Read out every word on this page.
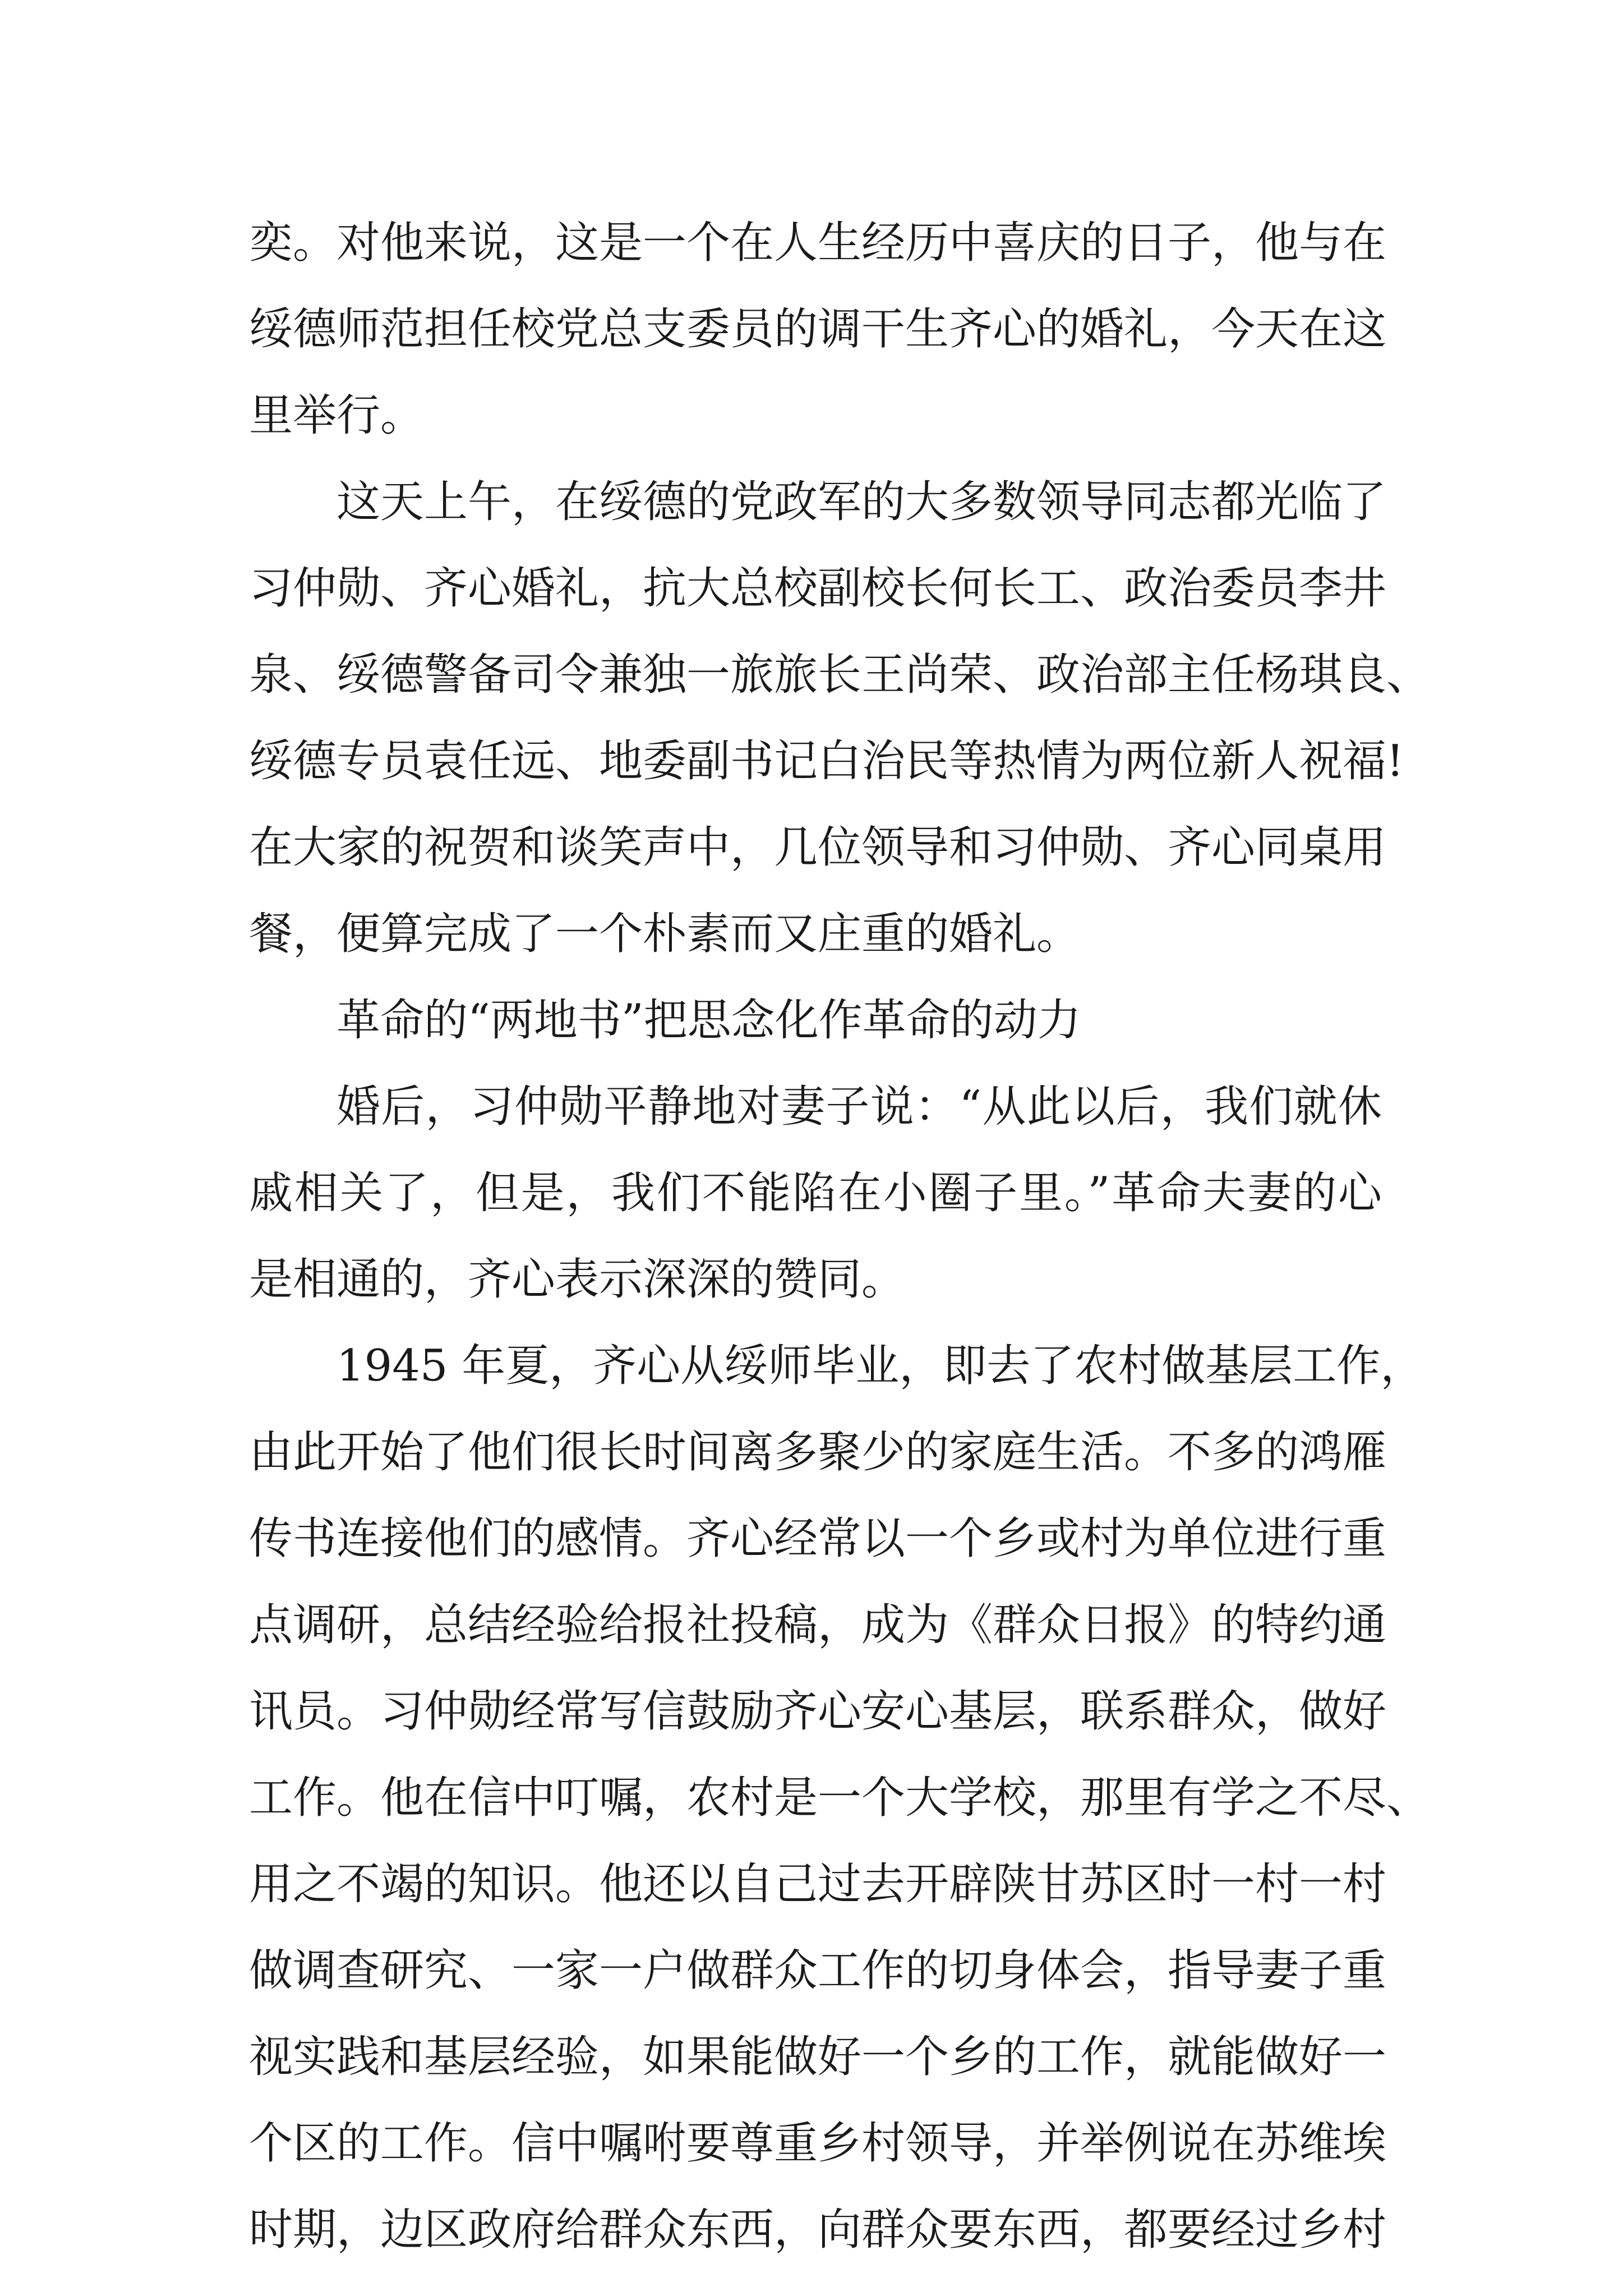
奕。对他来说，这是一个在人生经历中喜庆的日子，他与在
绥德师范担任校党总支委员的调干生齐心的婚礼，今天在这
里举行。
这天上午，在绥德的党政军的大多数领导同志都光临了
习仲勋、齐心婚礼，抗大总校副校长何长工、政治委员李井
泉、绥德警备司令兼独一旅旅长王尚荣、政治部主任杨琪良、
绥德专员袁任远、地委副书记白治民等热情为两位新人祝福!
在大家的祝贺和谈笑声中，几位领导和习仲勋、齐心同桌用
餐，便算完成了一个朴素而又庄重的婚礼。
革命的“两地书”把思念化作革命的动力
婚后，习仲勋平静地对妻子说：“从此以后，我们就休
戚相关了，但是，我们不能陷在小圈子里。”革命夫妻的心
是相通的，齐心表示深深的赞同。
1945 年夏，齐心从绥师毕业，即去了农村做基层工作，
由此开始了他们很长时间离多聚少的家庭生活。不多的鸿雁
传书连接他们的感情。齐心经常以一个乡或村为单位进行重
点调研，总结经验给报社投稿，成为《群众日报》的特约通
讯员。习仲勋经常写信鼓励齐心安心基层，联系群众，做好
工作。他在信中叮嘱，农村是一个大学校，那里有学之不尽、
用之不竭的知识。他还以自己过去开辟陕甘苏区时一村一村
做调查研究、一家一户做群众工作的切身体会，指导妻子重
视实践和基层经验，如果能做好一个乡的工作，就能做好一
个区的工作。信中嘱咐要尊重乡村领导，并举例说在苏维埃
时期，边区政府给群众东西，向群众要东西，都要经过乡村
